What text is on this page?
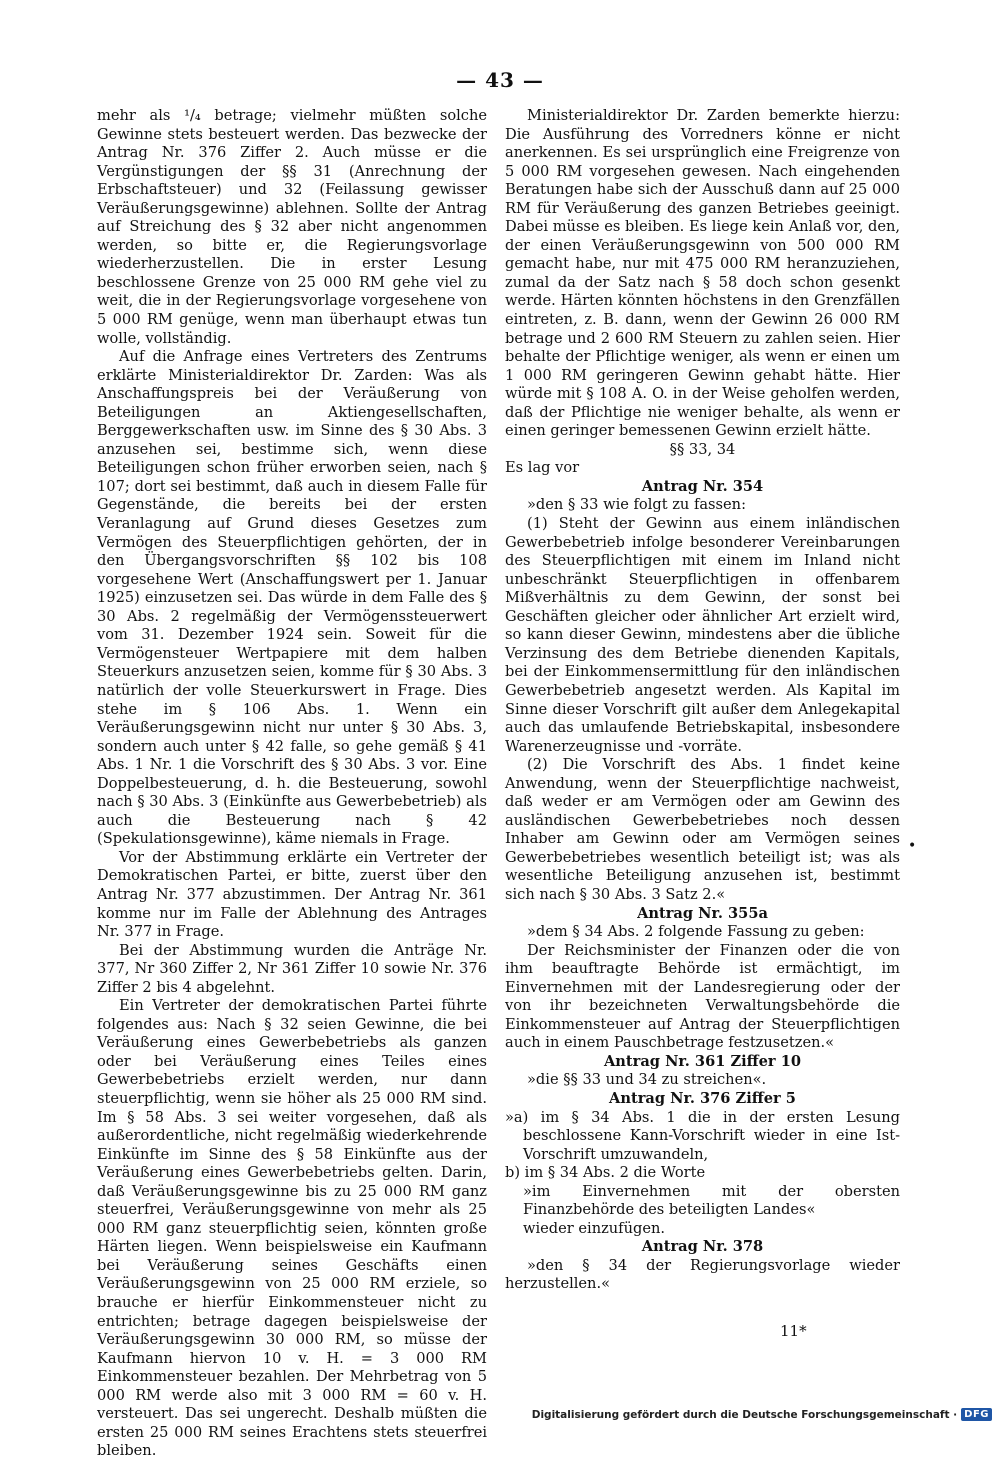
— 43 —

mehr als ¹/₄ betrage; vielmehr müßten solche Gewinne stets besteuert werden. Das bezwecke der Antrag Nr. 376 Ziffer 2. Auch müsse er die Vergünstigungen der §§ 31 (Anrechnung der Erbschaftsteuer) und 32 (Feilassung gewisser Veräußerungsgewinne) ablehnen. Sollte der Antrag auf Streichung des § 32 aber nicht angenommen werden, so bitte er, die Regierungsvorlage wiederherzustellen. Die in erster Lesung beschlossene Grenze von 25 000 RM gehe viel zu weit, die in der Regierungsvorlage vorgesehene von 5 000 RM genüge, wenn man überhaupt etwas tun wolle, vollständig.

Auf die Anfrage eines Vertreters des Zentrums erklärte Ministerialdirektor Dr. Zarden: Was als Anschaffungspreis bei der Veräußerung von Beteiligungen an Aktiengesellschaften, Berggewerkschaften usw. im Sinne des § 30 Abs. 3 anzusehen sei, bestimme sich, wenn diese Beteiligungen schon früher erworben seien, nach § 107; dort sei bestimmt, daß auch in diesem Falle für Gegenstände, die bereits bei der ersten Veranlagung auf Grund dieses Gesetzes zum Vermögen des Steuerpflichtigen gehörten, der in den Übergangsvorschriften §§ 102 bis 108 vorgesehene Wert (Anschaffungswert per 1. Januar 1925) einzusetzen sei. Das würde in dem Falle des § 30 Abs. 2 regelmäßig der Vermögenssteuerwert vom 31. Dezember 1924 sein. Soweit für die Vermögensteuer Wertpapiere mit dem halben Steuerkurs anzusetzen seien, komme für § 30 Abs. 3 natürlich der volle Steuerkurswert in Frage. Dies stehe im § 106 Abs. 1. Wenn ein Veräußerungsgewinn nicht nur unter § 30 Abs. 3, sondern auch unter § 42 falle, so gehe gemäß § 41 Abs. 1 Nr. 1 die Vorschrift des § 30 Abs. 3 vor. Eine Doppelbesteuerung, d. h. die Besteuerung, sowohl nach § 30 Abs. 3 (Einkünfte aus Gewerbebetrieb) als auch die Besteuerung nach § 42 (Spekulationsgewinne), käme niemals in Frage.

Vor der Abstimmung erklärte ein Vertreter der Demokratischen Partei, er bitte, zuerst über den Antrag Nr. 377 abzustimmen. Der Antrag Nr. 361 komme nur im Falle der Ablehnung des Antrages Nr. 377 in Frage.

Bei der Abstimmung wurden die Anträge Nr. 377, Nr 360 Ziffer 2, Nr 361 Ziffer 10 sowie Nr. 376 Ziffer 2 bis 4 abgelehnt.

Ein Vertreter der demokratischen Partei führte folgendes aus: Nach § 32 seien Gewinne, die bei Veräußerung eines Gewerbebetriebs als ganzen oder bei Veräußerung eines Teiles eines Gewerbebetriebs erzielt werden, nur dann steuerpflichtig, wenn sie höher als 25 000 RM sind. Im § 58 Abs. 3 sei weiter vorgesehen, daß als außerordentliche, nicht regelmäßig wiederkehrende Einkünfte im Sinne des § 58 Einkünfte aus der Veräußerung eines Gewerbebetriebs gelten. Darin, daß Veräußerungsgewinne bis zu 25 000 RM ganz steuerfrei, Veräußerungsgewinne von mehr als 25 000 RM ganz steuerpflichtig seien, könnten große Härten liegen. Wenn beispielsweise ein Kaufmann bei Veräußerung seines Geschäfts einen Veräußerungsgewinn von 25 000 RM erziele, so brauche er hierfür Einkommensteuer nicht zu entrichten; betrage dagegen beispielsweise der Veräußerungsgewinn 30 000 RM, so müsse der Kaufmann hiervon 10 v. H. = 3 000 RM Einkommensteuer bezahlen. Der Mehrbetrag von 5 000 RM werde also mit 3 000 RM = 60 v. H. versteuert. Das sei ungerecht. Deshalb müßten die ersten 25 000 RM seines Erachtens stets steuerfrei bleiben.

Ministerialdirektor Dr. Zarden bemerkte hierzu: Die Ausführung des Vorredners könne er nicht anerkennen. Es sei ursprünglich eine Freigrenze von 5 000 RM vorgesehen gewesen. Nach eingehenden Beratungen habe sich der Ausschuß dann auf 25 000 RM für Veräußerung des ganzen Betriebes geeinigt. Dabei müsse es bleiben. Es liege kein Anlaß vor, den, der einen Veräußerungsgewinn von 500 000 RM gemacht habe, nur mit 475 000 RM heranzuziehen, zumal da der Satz nach § 58 doch schon gesenkt werde. Härten könnten höchstens in den Grenzfällen eintreten, z. B. dann, wenn der Gewinn 26 000 RM betrage und 2 600 RM Steuern zu zahlen seien. Hier behalte der Pflichtige weniger, als wenn er einen um 1 000 RM geringeren Gewinn gehabt hätte. Hier würde mit § 108 A. O. in der Weise geholfen werden, daß der Pflichtige nie weniger behalte, als wenn er einen geringer bemessenen Gewinn erzielt hätte.

§§ 33, 34

Es lag vor

Antrag Nr. 354

»den § 33 wie folgt zu fassen:

(1) Steht der Gewinn aus einem inländischen Gewerbebetrieb infolge besonderer Vereinbarungen des Steuerpflichtigen mit einem im Inland nicht unbeschränkt Steuerpflichtigen in offenbarem Mißverhältnis zu dem Gewinn, der sonst bei Geschäften gleicher oder ähnlicher Art erzielt wird, so kann dieser Gewinn, mindestens aber die übliche Verzinsung des dem Betriebe dienenden Kapitals, bei der Einkommensermittlung für den inländischen Gewerbebetrieb angesetzt werden. Als Kapital im Sinne dieser Vorschrift gilt außer dem Anlegekapital auch das umlaufende Betriebskapital, insbesondere Warenerzeugnisse und -vorräte.

(2) Die Vorschrift des Abs. 1 findet keine Anwendung, wenn der Steuerpflichtige nachweist, daß weder er am Vermögen oder am Gewinn des ausländischen Gewerbebetriebes noch dessen Inhaber am Gewinn oder am Vermögen seines Gewerbebetriebes wesentlich beteiligt ist; was als wesentliche Beteiligung anzusehen ist, bestimmt sich nach § 30 Abs. 3 Satz 2.«

Antrag Nr. 355a

»dem § 34 Abs. 2 folgende Fassung zu geben:

Der Reichsminister der Finanzen oder die von ihm beauftragte Behörde ist ermächtigt, im Einvernehmen mit der Landesregierung oder der von ihr bezeichneten Verwaltungsbehörde die Einkommensteuer auf Antrag der Steuerpflichtigen auch in einem Pauschbetrage festzusetzen.«

Antrag Nr. 361 Ziffer 10

»die §§ 33 und 34 zu streichen«.

Antrag Nr. 376 Ziffer 5

»a) im § 34 Abs. 1 die in der ersten Lesung beschlossene Kann-Vorschrift wieder in eine Ist-Vorschrift umzuwandeln,

b) im § 34 Abs. 2 die Worte

»im Einvernehmen mit der obersten Finanzbehörde des beteiligten Landes«

wieder einzufügen.

Antrag Nr. 378

»den § 34 der Regierungsvorlage wieder herzustellen.«

•
11*
Digitalisierung gefördert durch die Deutsche Forschungsgemeinschaft · DFG
